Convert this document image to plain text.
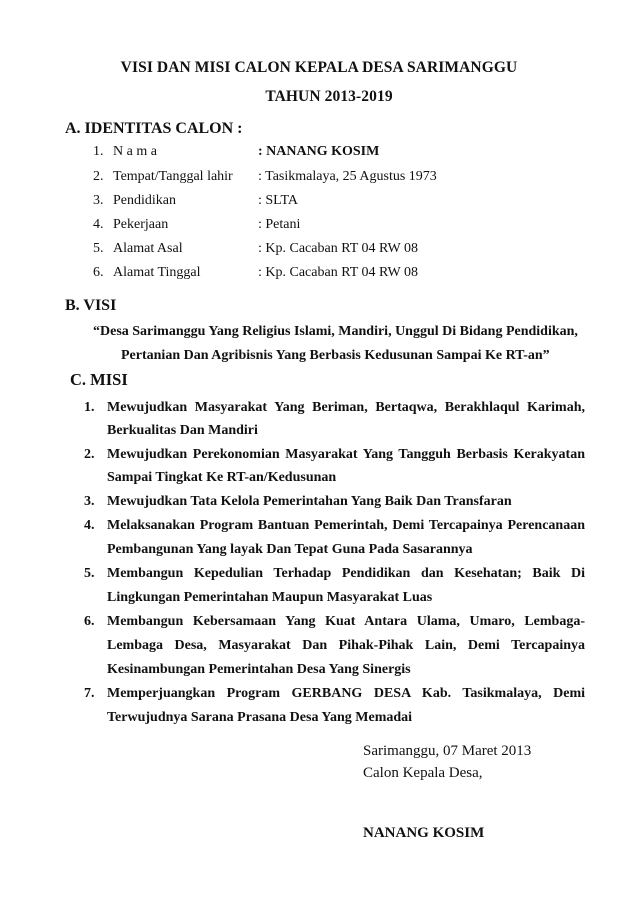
VISI DAN MISI CALON KEPALA DESA SARIMANGGU
TAHUN 2013-2019
A. IDENTITAS CALON :
1. N a m a	: NANANG KOSIM
2. Tempat/Tanggal lahir : Tasikmalaya, 25 Agustus 1973
3. Pendidikan	: SLTA
4. Pekerjaan	: Petani
5. Alamat Asal	: Kp. Cacaban RT 04 RW 08
6. Alamat Tinggal	: Kp. Cacaban RT 04 RW 08
B. VISI
“Desa Sarimanggu Yang Religius Islami, Mandiri, Unggul Di Bidang Pendidikan,
Pertanian Dan Agribisnis Yang Berbasis Kedusunan Sampai Ke RT-an”
C. MISI
1. Mewujudkan Masyarakat Yang Beriman, Bertaqwa, Berakhlaqul Karimah,
Berkualitas Dan Mandiri
2. Mewujudkan Perekonomian Masyarakat Yang Tangguh Berbasis Kerakyatan
Sampai Tingkat Ke RT-an/Kedusunan
3. Mewujudkan Tata Kelola Pemerintahan Yang Baik Dan Transfaran
4. Melaksanakan Program Bantuan Pemerintah, Demi Tercapainya Perencanaan
Pembangunan Yang layak Dan Tepat Guna Pada Sasarannya
5. Membangun Kepedulian Terhadap Pendidikan dan Kesehatan; Baik Di
Lingkungan Pemerintahan Maupun Masyarakat Luas
6. Membangun Kebersamaan Yang Kuat Antara Ulama, Umaro, Lembaga-
Lembaga Desa, Masyarakat Dan Pihak-Pihak Lain, Demi Tercapainya
Kesinambungan Pemerintahan Desa Yang Sinergis
7. Memperjuangkan Program GERBANG DESA Kab. Tasikmalaya, Demi
Terwujudnya Sarana Prasana Desa Yang Memadai
Sarimanggu, 07 Maret 2013
Calon Kepala Desa,
NANANG KOSIM
